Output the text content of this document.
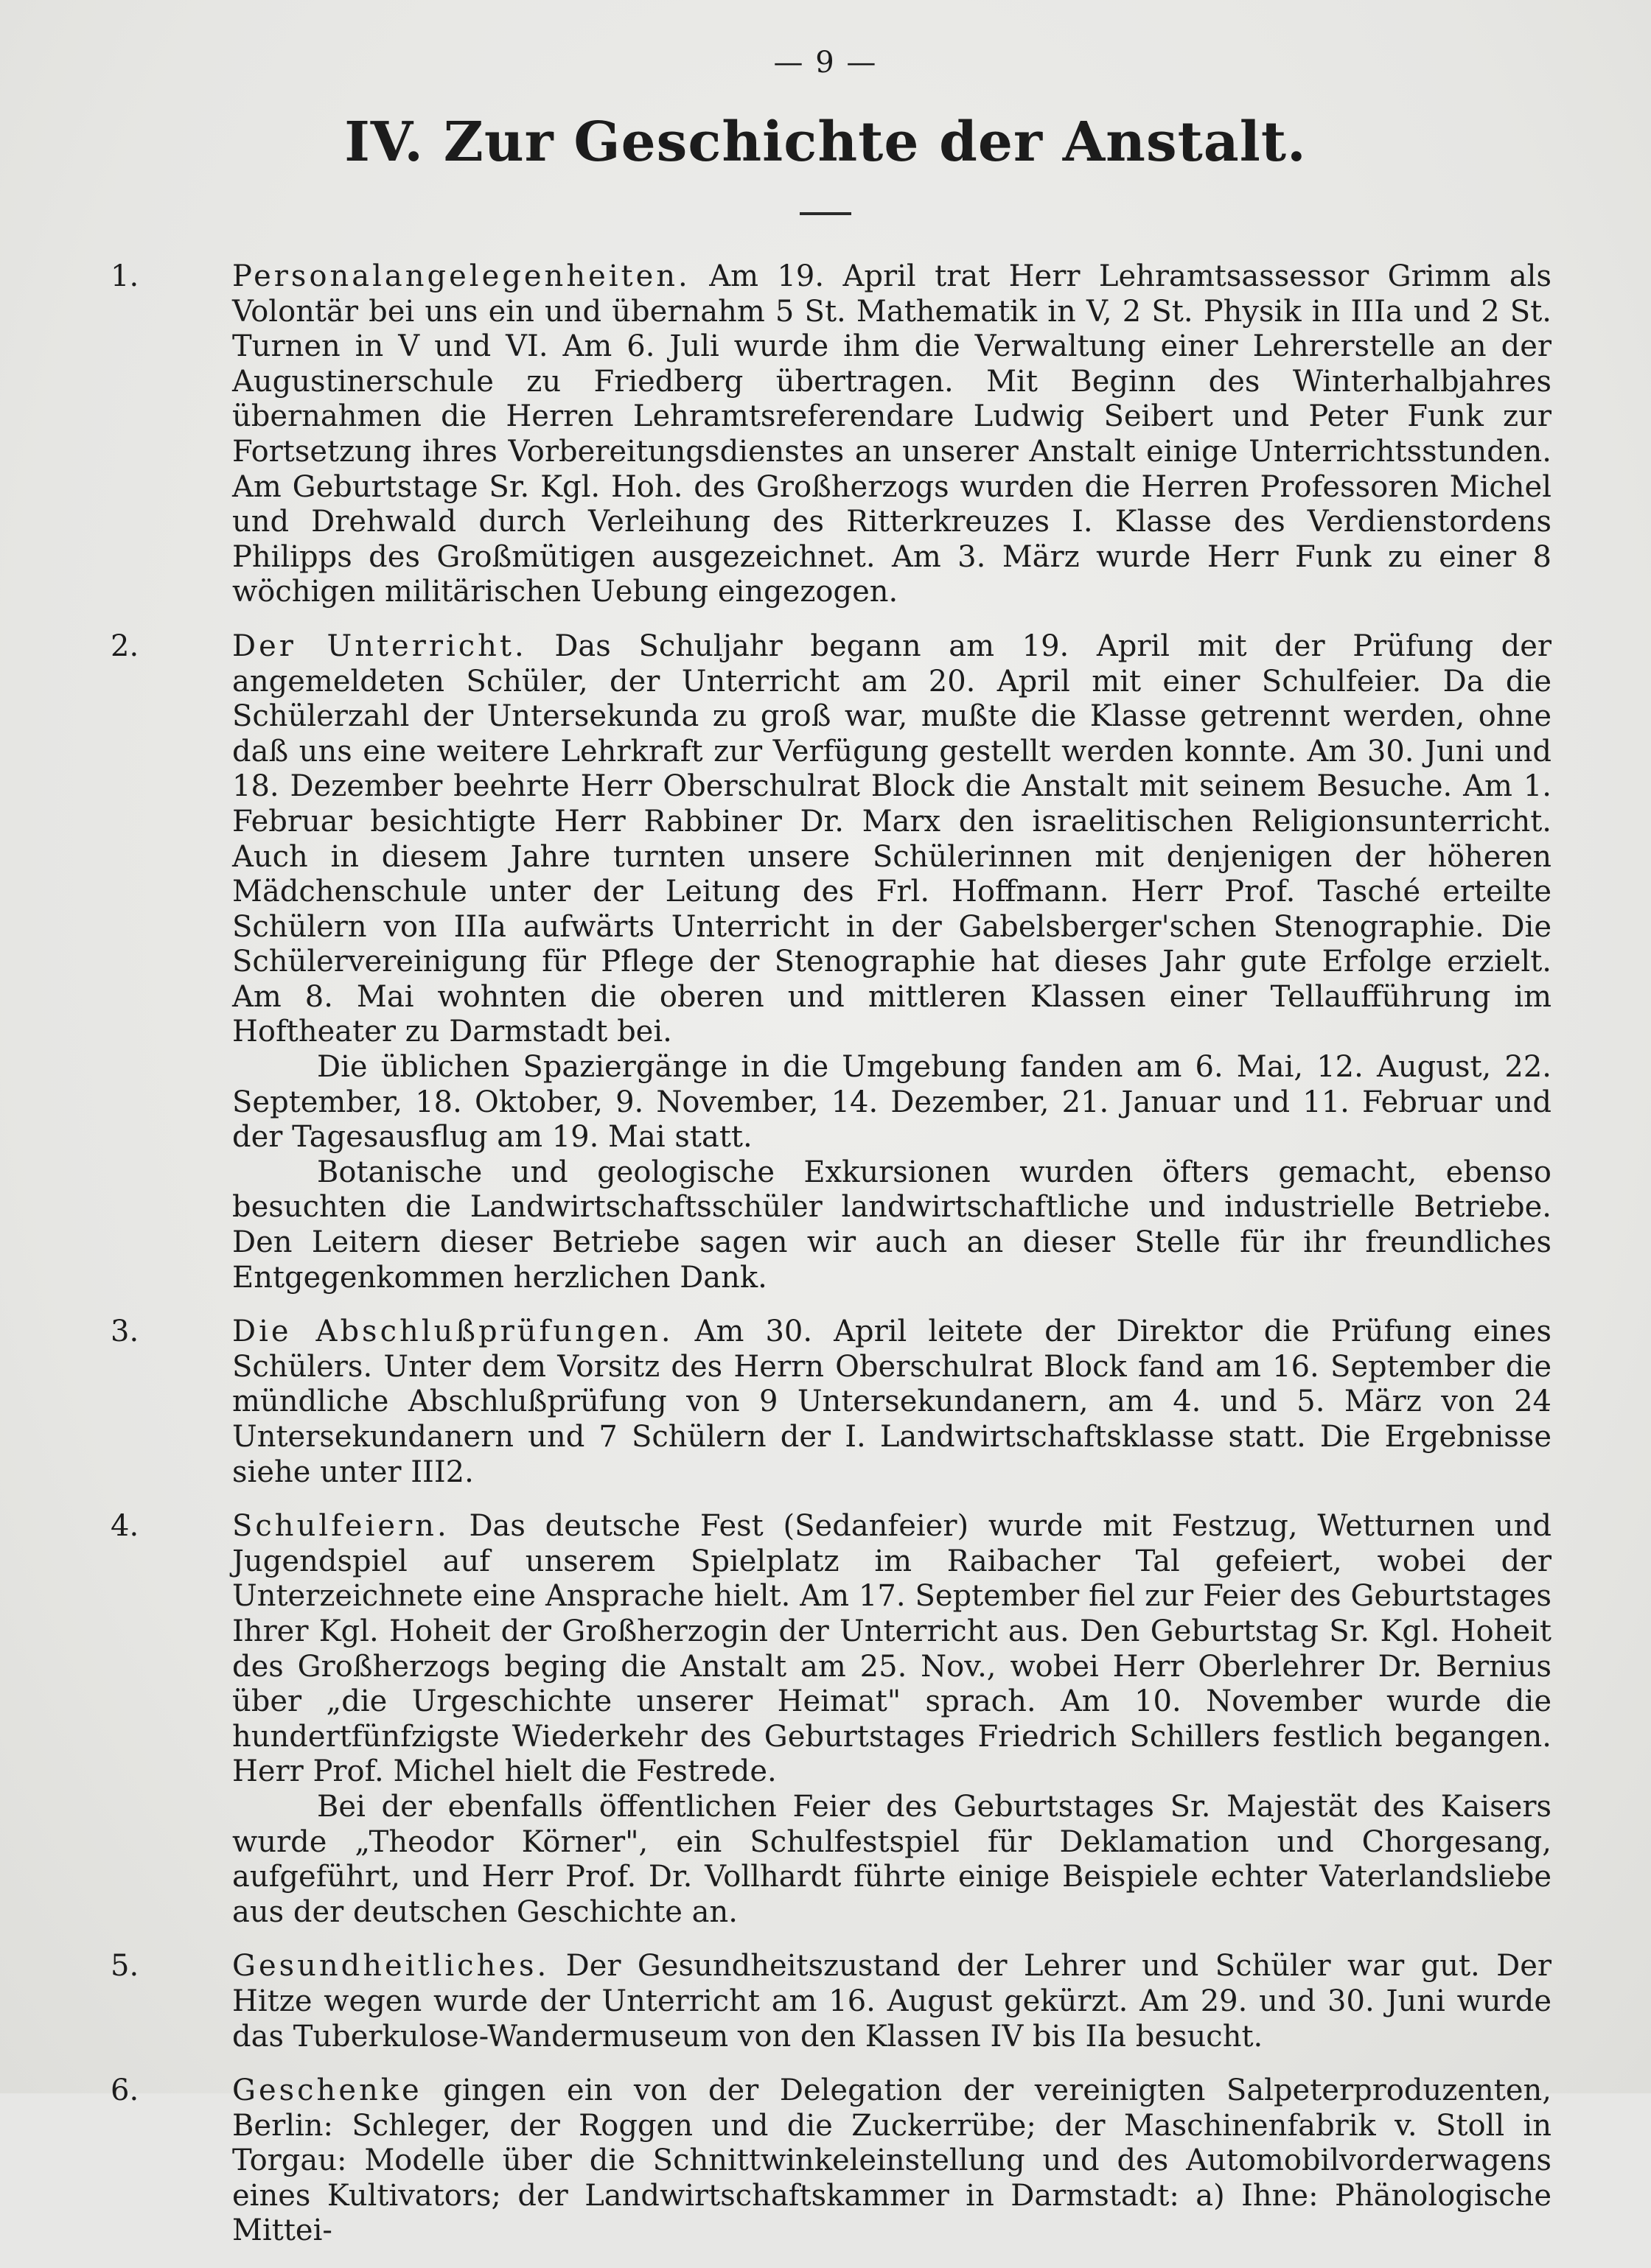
— 9 —
IV. Zur Geschichte der Anstalt.
1.	Personalangelegenheiten. Am 19. April trat Herr Lehramtsassessor Grimm als Volontär bei uns ein und übernahm 5 St. Mathematik in V, 2 St. Physik in IIIa und 2 St. Turnen in V und VI. Am 6. Juli wurde ihm die Verwaltung einer Lehrerstelle an der Augustinerschule zu Friedberg übertragen. Mit Beginn des Winterhalbjahres übernahmen die Herren Lehramtsreferendare Ludwig Seibert und Peter Funk zur Fortsetzung ihres Vorbereitungsdienstes an unserer Anstalt einige Unterrichtsstunden. Am Geburtstage Sr. Kgl. Hoh. des Großherzogs wurden die Herren Professoren Michel und Drehwald durch Verleihung des Ritterkreuzes I. Klasse des Verdienstordens Philipps des Großmütigen ausgezeichnet. Am 3. März wurde Herr Funk zu einer 8 wöchigen militärischen Uebung eingezogen.

2.	Der Unterricht. Das Schuljahr begann am 19. April mit der Prüfung der angemeldeten Schüler, der Unterricht am 20. April mit einer Schulfeier. Da die Schülerzahl der Untersekunda zu groß war, mußte die Klasse getrennt werden, ohne daß uns eine weitere Lehrkraft zur Verfügung gestellt werden konnte. Am 30. Juni und 18. Dezember beehrte Herr Oberschulrat Block die Anstalt mit seinem Besuche. Am 1. Februar besichtigte Herr Rabbiner Dr. Marx den israelitischen Religionsunterricht. Auch in diesem Jahre turnten unsere Schülerinnen mit denjenigen der höheren Mädchenschule unter der Leitung des Frl. Hoffmann. Herr Prof. Tasché erteilte Schülern von IIIa aufwärts Unterricht in der Gabelsberger'schen Stenographie. Die Schülervereinigung für Pflege der Stenographie hat dieses Jahr gute Erfolge erzielt. Am 8. Mai wohnten die oberen und mittleren Klassen einer Tellaufführung im Hoftheater zu Darmstadt bei.

Die üblichen Spaziergänge in die Umgebung fanden am 6. Mai, 12. August, 22. September, 18. Oktober, 9. November, 14. Dezember, 21. Januar und 11. Februar und der Tagesausflug am 19. Mai statt.

Botanische und geologische Exkursionen wurden öfters gemacht, ebenso besuchten die Landwirtschaftsschüler landwirtschaftliche und industrielle Betriebe. Den Leitern dieser Betriebe sagen wir auch an dieser Stelle für ihr freundliches Entgegenkommen herzlichen Dank.

3.	Die Abschlußprüfungen. Am 30. April leitete der Direktor die Prüfung eines Schülers. Unter dem Vorsitz des Herrn Oberschulrat Block fand am 16. September die mündliche Abschlußprüfung von 9 Untersekundanern, am 4. und 5. März von 24 Untersekundanern und 7 Schülern der I. Landwirtschaftsklasse statt. Die Ergebnisse siehe unter III2.

4.	Schulfeiern. Das deutsche Fest (Sedanfeier) wurde mit Festzug, Wetturnen und Jugendspiel auf unserem Spielplatz im Raibacher Tal gefeiert, wobei der Unterzeichnete eine Ansprache hielt. Am 17. September fiel zur Feier des Geburtstages Ihrer Kgl. Hoheit der Großherzogin der Unterricht aus. Den Geburtstag Sr. Kgl. Hoheit des Großherzogs beging die Anstalt am 25. Nov., wobei Herr Oberlehrer Dr. Bernius über „die Urgeschichte unserer Heimat" sprach. Am 10. November wurde die hundertfünfzigste Wiederkehr des Geburtstages Friedrich Schillers festlich begangen. Herr Prof. Michel hielt die Festrede.

Bei der ebenfalls öffentlichen Feier des Geburtstages Sr. Majestät des Kaisers wurde „Theodor Körner", ein Schulfestspiel für Deklamation und Chorgesang, aufgeführt, und Herr Prof. Dr. Vollhardt führte einige Beispiele echter Vaterlandsliebe aus der deutschen Geschichte an.

5.	Gesundheitliches. Der Gesundheitszustand der Lehrer und Schüler war gut. Der Hitze wegen wurde der Unterricht am 16. August gekürzt. Am 29. und 30. Juni wurde das Tuberkulose-Wandermuseum von den Klassen IV bis IIa besucht.

6.	Geschenke gingen ein von der Delegation der vereinigten Salpeterproduzenten, Berlin: Schleger, der Roggen und die Zuckerrübe; der Maschinenfabrik v. Stoll in Torgau: Modelle über die Schnittwinkeleinstellung und des Automobilvorderwagens eines Kultivators; der Landwirtschaftskammer in Darmstadt: a) Ihne: Phänologische Mittei-
